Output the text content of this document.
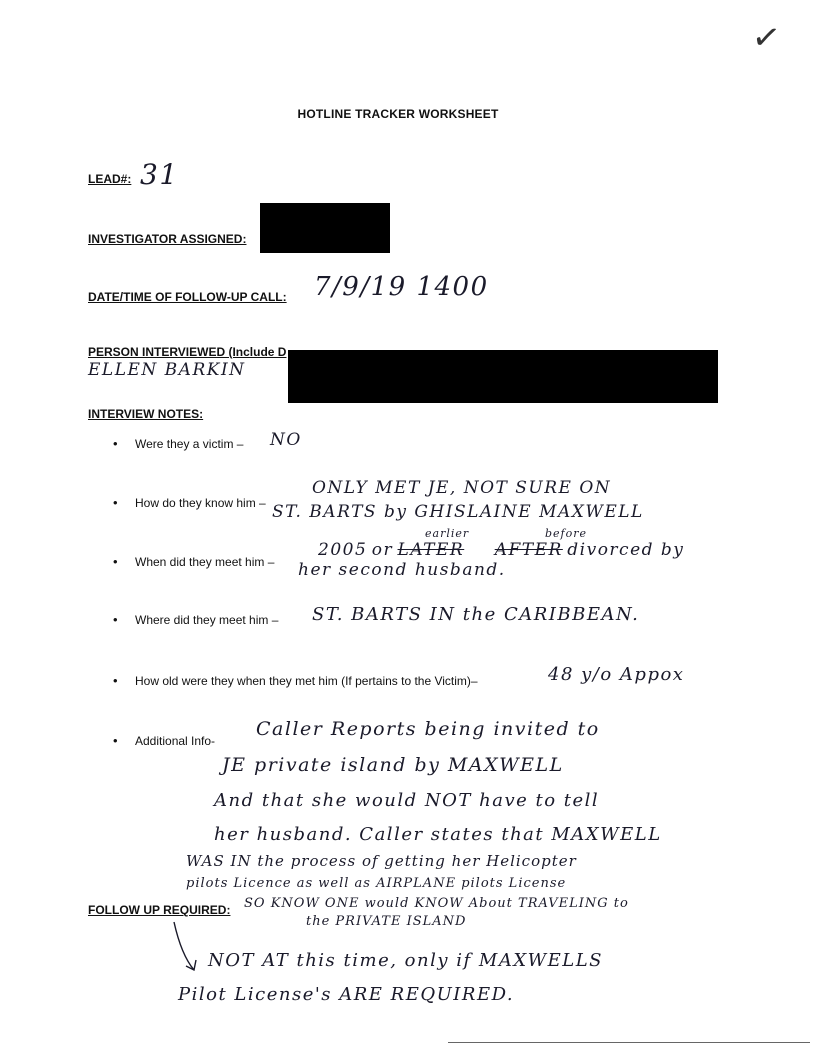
✓
HOTLINE TRACKER WORKSHEET
LEAD#: 31
INVESTIGATOR ASSIGNED:
DATE/TIME OF FOLLOW-UP CALL: 7/9/19 1400
PERSON INTERVIEWED (Include D
ELLEN BARKIN
INTERVIEW NOTES:
• Were they a victim – NO
• How do they know him –
ONLY MET JE, NOT SURE ON
ST. BARTS by GHISLAINE MAXWELL
• When did they meet him –
earlier	before
2005 or LATER AFTER divorced by
her second husband.
• Where did they meet him – ST. BARTS IN the CARIBBEAN.
• How old were they when they met him (If pertains to the Victim)–	48 y/o Appox
• Additional Info-
Caller Reports being invited to
JE private island by MAXWELL
And that she would NOT have to tell
her husband. Caller states that MAXWELL
WAS IN the process of getting her Helicopter
pilots Licence as well as AIRPLANE pilots License
SO KNOW ONE would KNOW About TRAVELING to
the PRIVATE ISLAND
FOLLOW UP REQUIRED:
NOT AT this time, only if MAXWELLS
Pilot License's ARE REQUIRED.
